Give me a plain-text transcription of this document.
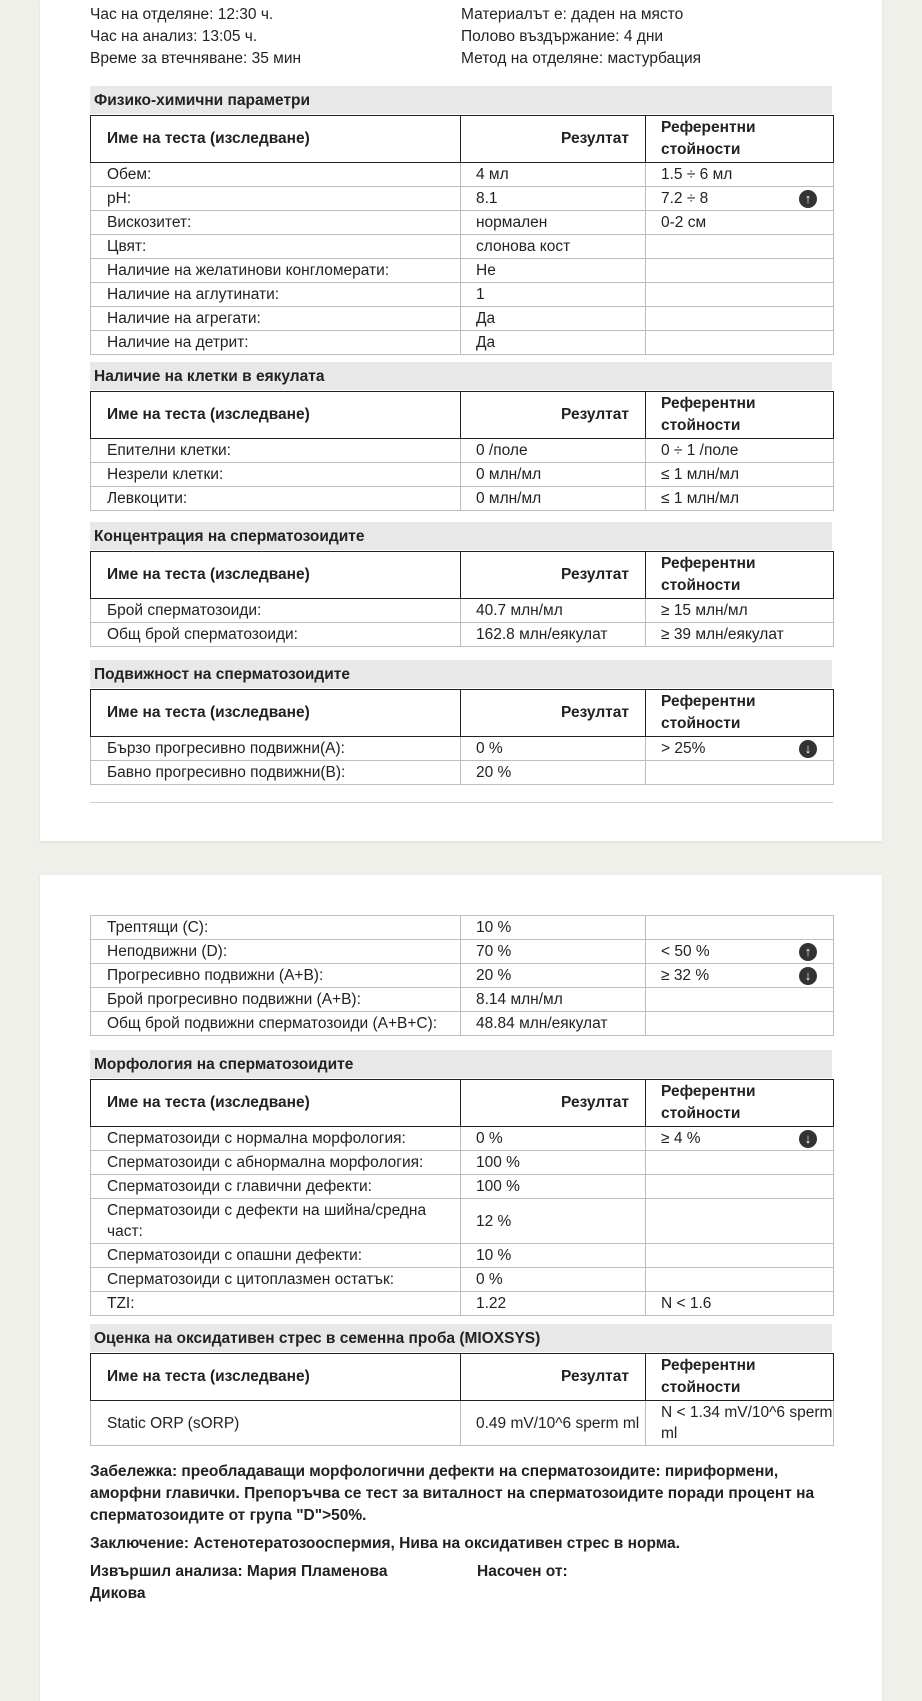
Час на отделяне: 12:30 ч.	Материалът е: даден на място
Час на анализ: 13:05 ч.	Полово въздържание: 4 дни
Време за втечняване: 35 мин	Метод на отделяне: мастурбация
Физико-химични параметри
Име на теста (изследване)	Резултат	Референтни стойности
Обем:	4 мл	1.5 ÷ 6 мл
pH:	8.1	7.2 ÷ 8 ↑

Вискозитет:	нормален	0-2 см
Цвят:	слонова кост	
Наличие на желатинови конгломерати:	Не	
Наличие на аглутинати:	1	
Наличие на агрегати:	Да	
Наличие на детрит:	Да	
Наличие на клетки в еякулата
Име на теста (изследване)	Резултат	Референтни стойности
Епителни клетки:	0 /поле	0 ÷ 1 /поле
Незрели клетки:	0 млн/мл	≤ 1 млн/мл
Левкоцити:	0 млн/мл	≤ 1 млн/мл
Концентрация на сперматозоидите
Име на теста (изследване)	Резултат	Референтни стойности
Брой сперматозоиди:	40.7 млн/мл	≥ 15 млн/мл
Общ брой сперматозоиди:	162.8 млн/еякулат	≥ 39 млн/еякулат
Подвижност на сперматозоидите
Име на теста (изследване)	Резултат	Референтни стойности
Бързо прогресивно подвижни(A):	0 %	> 25% ↓

Бавно прогресивно подвижни(B):	20 %	
Трептящи (C):	10 %	
Неподвижни (D):	70 %	< 50 % ↑

Прогресивно подвижни (A+B):	20 %	≥ 32 % ↓

Брой прогресивно подвижни (A+B):	8.14 млн/мл	
Общ брой подвижни сперматозоиди (A+B+C):	48.84 млн/еякулат	
Морфология на сперматозоидите
Име на теста (изследване)	Резултат	Референтни стойности
Сперматозоиди с нормална морфология:	0 %	≥ 4 % ↓

Сперматозоиди с абнормална морфология:	100 %	
Сперматозоиди с главични дефекти:	100 %	
Сперматозоиди с дефекти на шийна/средна част:	12 %	
Сперматозоиди с опашни дефекти:	10 %	
Сперматозоиди с цитоплазмен остатък:	0 %	
TZI:	1.22	N < 1.6
Оценка на оксидативен стрес в семенна проба (MIOXSYS)
Име на теста (изследване)	Резултат	Референтни стойности
Static ORP (sORP)	0.49 mV/10^6 sperm ml	N < 1.34 mV/10^6 sperm ml
Забележка: преобладаващи морфологични дефекти на сперматозоидите: пириформени, аморфни главички. Препоръчва се тест за виталност на сперматозоидите поради процент на сперматозоидите от група "D">50%.
Заключение: Астенотератозооспермия, Нива на оксидативен стрес в норма.
Извършил анализа: Мария Пламенова Дикова
Насочен от:
